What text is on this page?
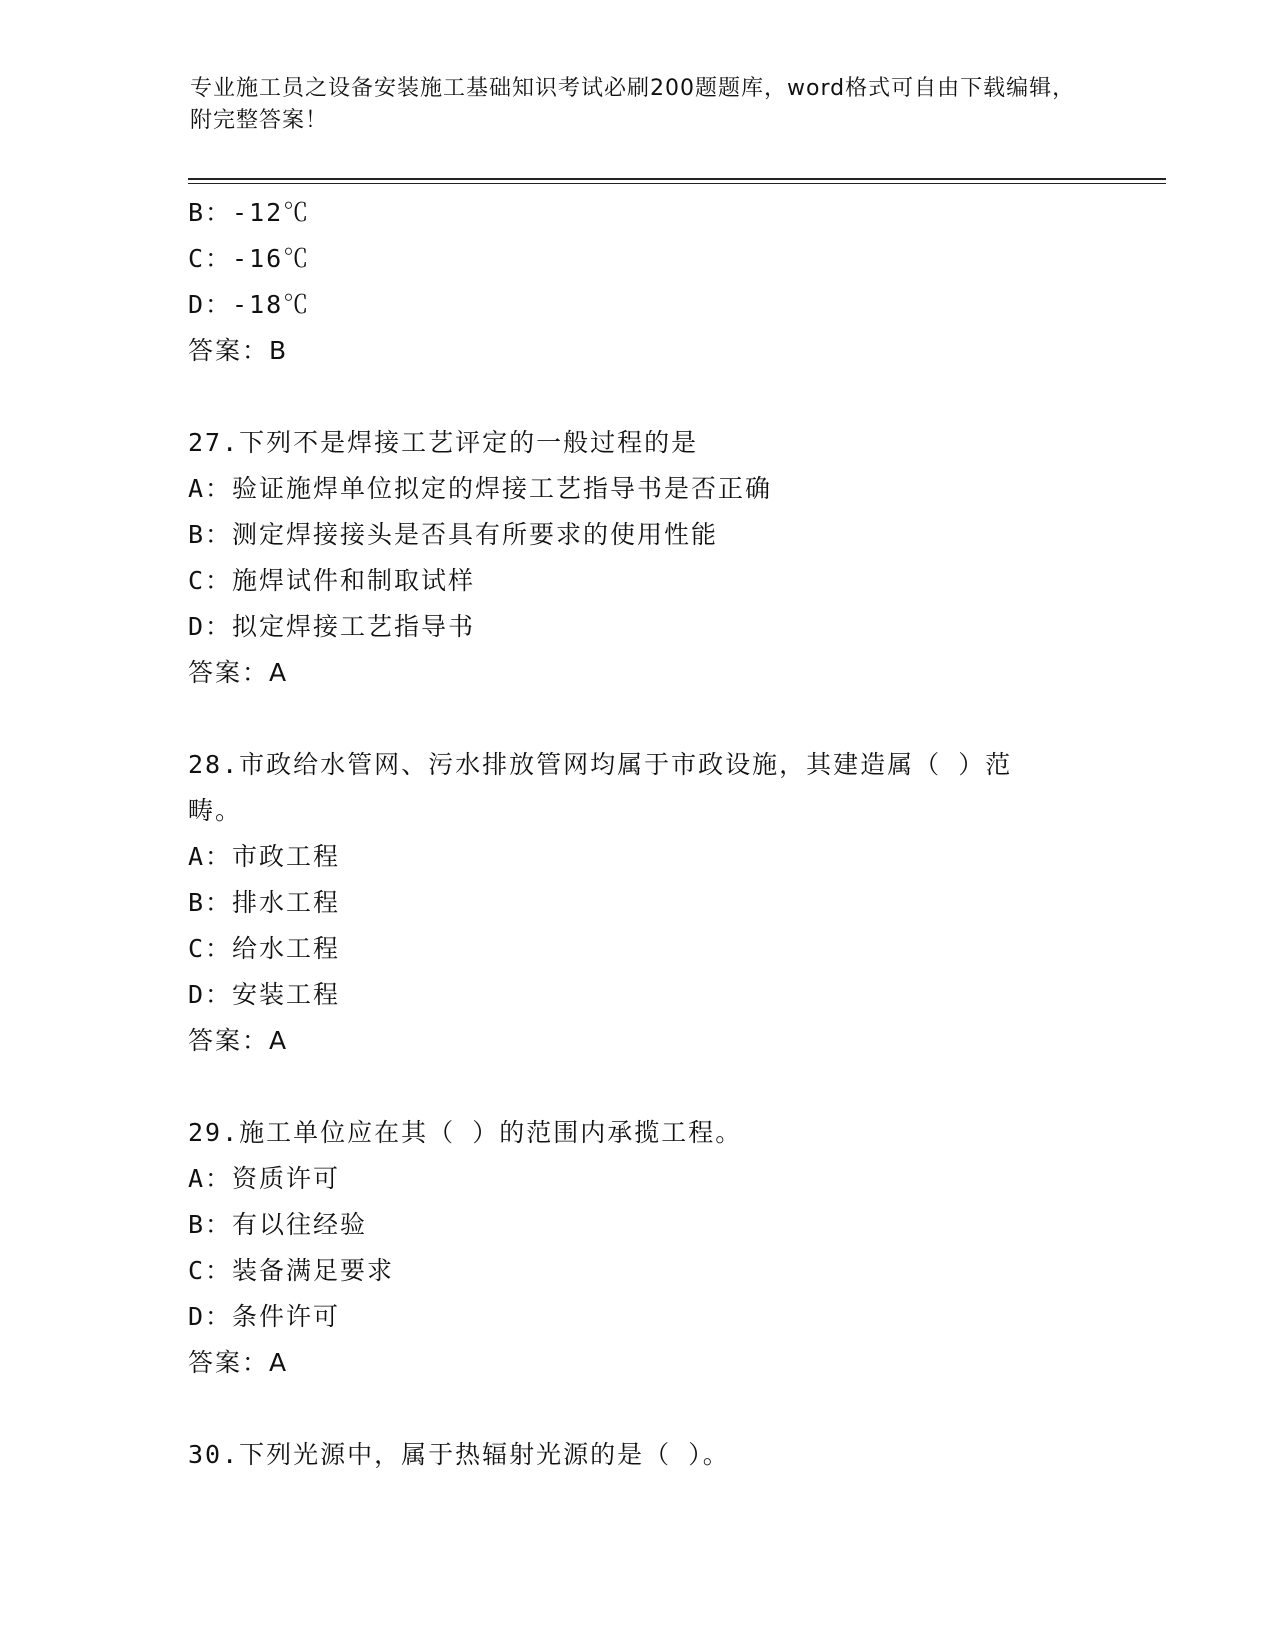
专业施工员之设备安装施工基础知识考试必刷200题题库，word格式可自由下载编辑，附完整答案！

B：-12℃

C：-16℃

D：-18℃

答案：B

27.下列不是焊接工艺评定的一般过程的是

A：验证施焊单位拟定的焊接工艺指导书是否正确

B：测定焊接接头是否具有所要求的使用性能

C：施焊试件和制取试样

D：拟定焊接工艺指导书

答案：A

28.市政给水管网、污水排放管网均属于市政设施，其建造属（ ）范

畴。

A：市政工程

B：排水工程

C：给水工程

D：安装工程

答案：A

29.施工单位应在其（ ）的范围内承揽工程。

A：资质许可

B：有以往经验

C：装备满足要求

D：条件许可

答案：A

30.下列光源中，属于热辐射光源的是（ ）。
